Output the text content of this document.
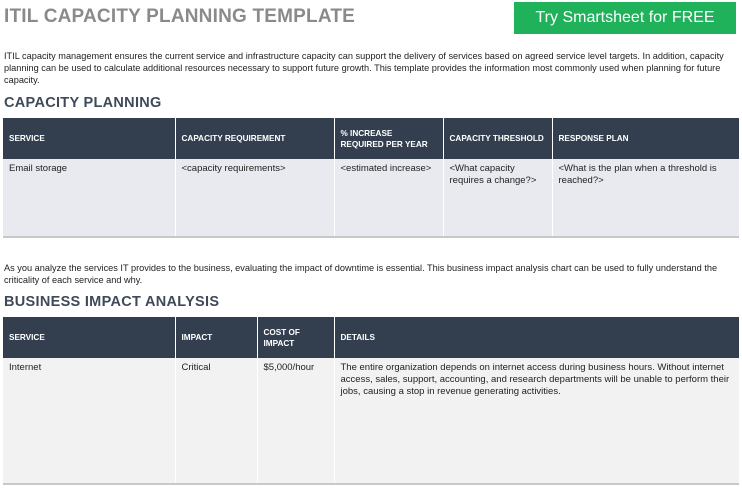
ITIL CAPACITY PLANNING TEMPLATE	Try Smartsheet for FREE
ITIL capacity management ensures the current service and infrastructure capacity can support the delivery of services based on agreed service level targets. In addition, capacity planning can be used to calculate additional resources necessary to support future growth. This template provides the information most commonly used when planning for future capacity.
CAPACITY PLANNING
SERVICE	CAPACITY REQUIREMENT	% INCREASE REQUIRED PER YEAR	CAPACITY THRESHOLD	RESPONSE PLAN
Email storage	<capacity requirements>	<estimated increase>	<What capacity requires a change?>	<What is the plan when a threshold is reached?>
As you analyze the services IT provides to the business, evaluating the impact of downtime is essential. This business impact analysis chart can be used to fully understand the criticality of each service and why.
BUSINESS IMPACT ANALYSIS
SERVICE	IMPACT	COST OF IMPACT	DETAILS
Internet	Critical	$5,000/hour	The entire organization depends on internet access during business hours. Without internet access, sales, support, accounting, and research departments will be unable to perform their jobs, causing a stop in revenue generating activities.
